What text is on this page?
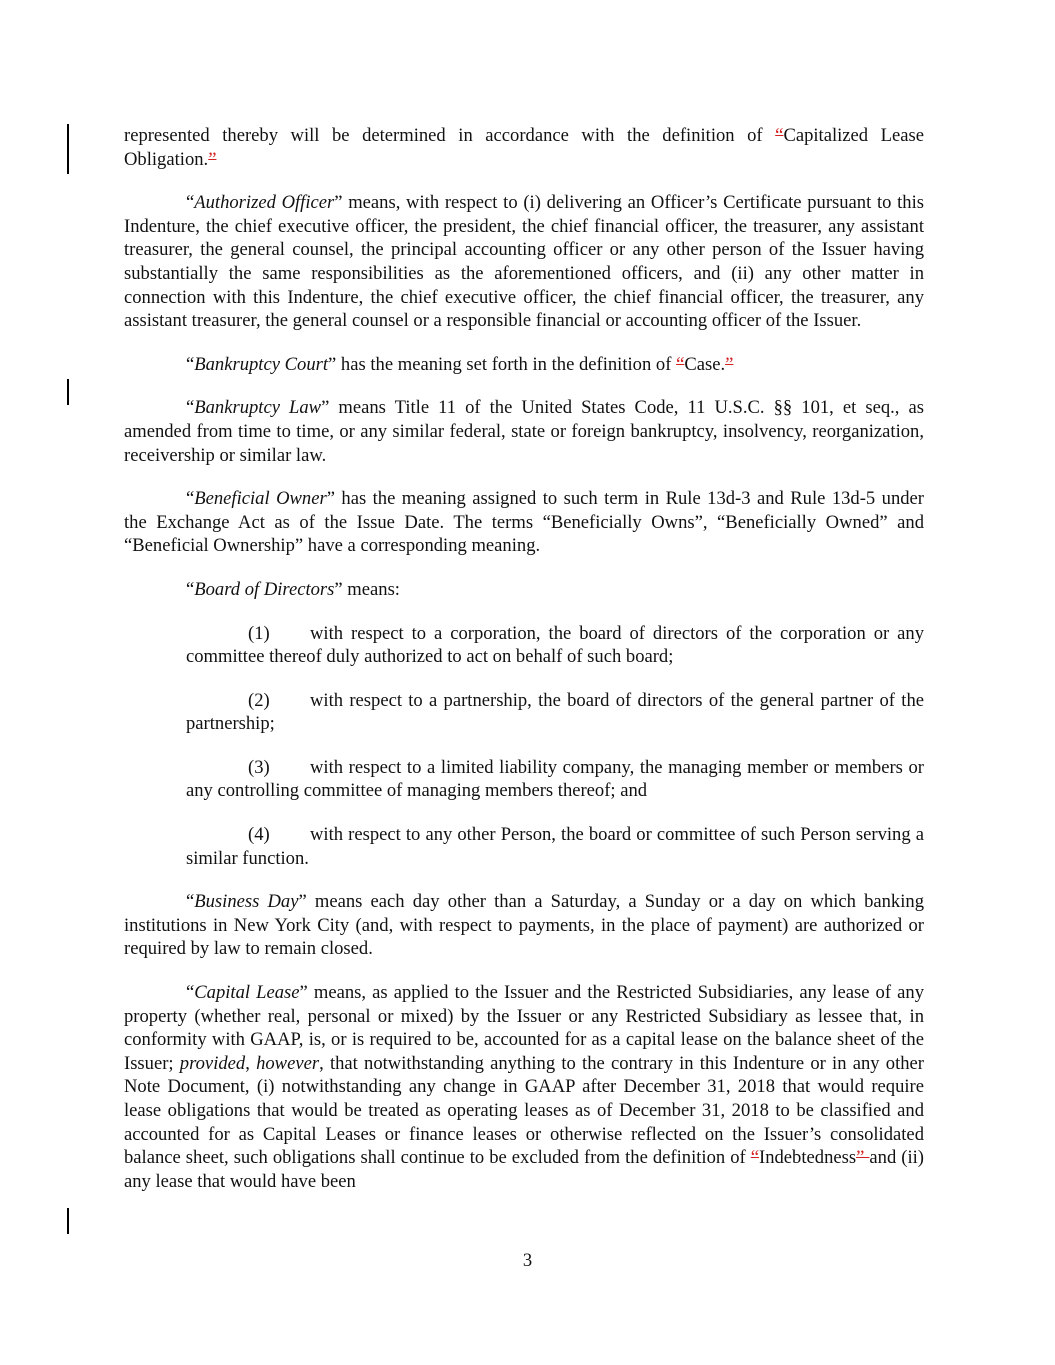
represented thereby will be determined in accordance with the definition of “Capitalized Lease Obligation.”

“Authorized Officer” means, with respect to (i) delivering an Officer’s Certificate pursuant to this Indenture, the chief executive officer, the president, the chief financial officer, the treasurer, any assistant treasurer, the general counsel, the principal accounting officer or any other person of the Issuer having substantially the same responsibilities as the aforementioned officers, and (ii) any other matter in connection with this Indenture, the chief executive officer, the chief financial officer, the treasurer, any assistant treasurer, the general counsel or a responsible financial or accounting officer of the Issuer.

“Bankruptcy Court” has the meaning set forth in the definition of “Case.”

“Bankruptcy Law” means Title 11 of the United States Code, 11 U.S.C. §§ 101, et seq., as amended from time to time, or any similar federal, state or foreign bankruptcy, insolvency, reorganization, receivership or similar law.

“Beneficial Owner” has the meaning assigned to such term in Rule 13d-3 and Rule 13d-5 under the Exchange Act as of the Issue Date. The terms “Beneficially Owns”, “Beneficially Owned” and “Beneficial Ownership” have a corresponding meaning.

“Board of Directors” means:

(1) with respect to a corporation, the board of directors of the corporation or any committee thereof duly authorized to act on behalf of such board;

(2) with respect to a partnership, the board of directors of the general partner of the partnership;

(3) with respect to a limited liability company, the managing member or members or any controlling committee of managing members thereof; and

(4) with respect to any other Person, the board or committee of such Person serving a similar function.

“Business Day” means each day other than a Saturday, a Sunday or a day on which banking institutions in New York City (and, with respect to payments, in the place of payment) are authorized or required by law to remain closed.

“Capital Lease” means, as applied to the Issuer and the Restricted Subsidiaries, any lease of any property (whether real, personal or mixed) by the Issuer or any Restricted Subsidiary as lessee that, in conformity with GAAP, is, or is required to be, accounted for as a capital lease on the balance sheet of the Issuer; provided, however, that notwithstanding anything to the contrary in this Indenture or in any other Note Document, (i) notwithstanding any change in GAAP after December 31, 2018 that would require lease obligations that would be treated as operating leases as of December 31, 2018 to be classified and accounted for as Capital Leases or finance leases or otherwise reflected on the Issuer’s consolidated balance sheet, such obligations shall continue to be excluded from the definition of “Indebtedness” and (ii) any lease that would have been

3
